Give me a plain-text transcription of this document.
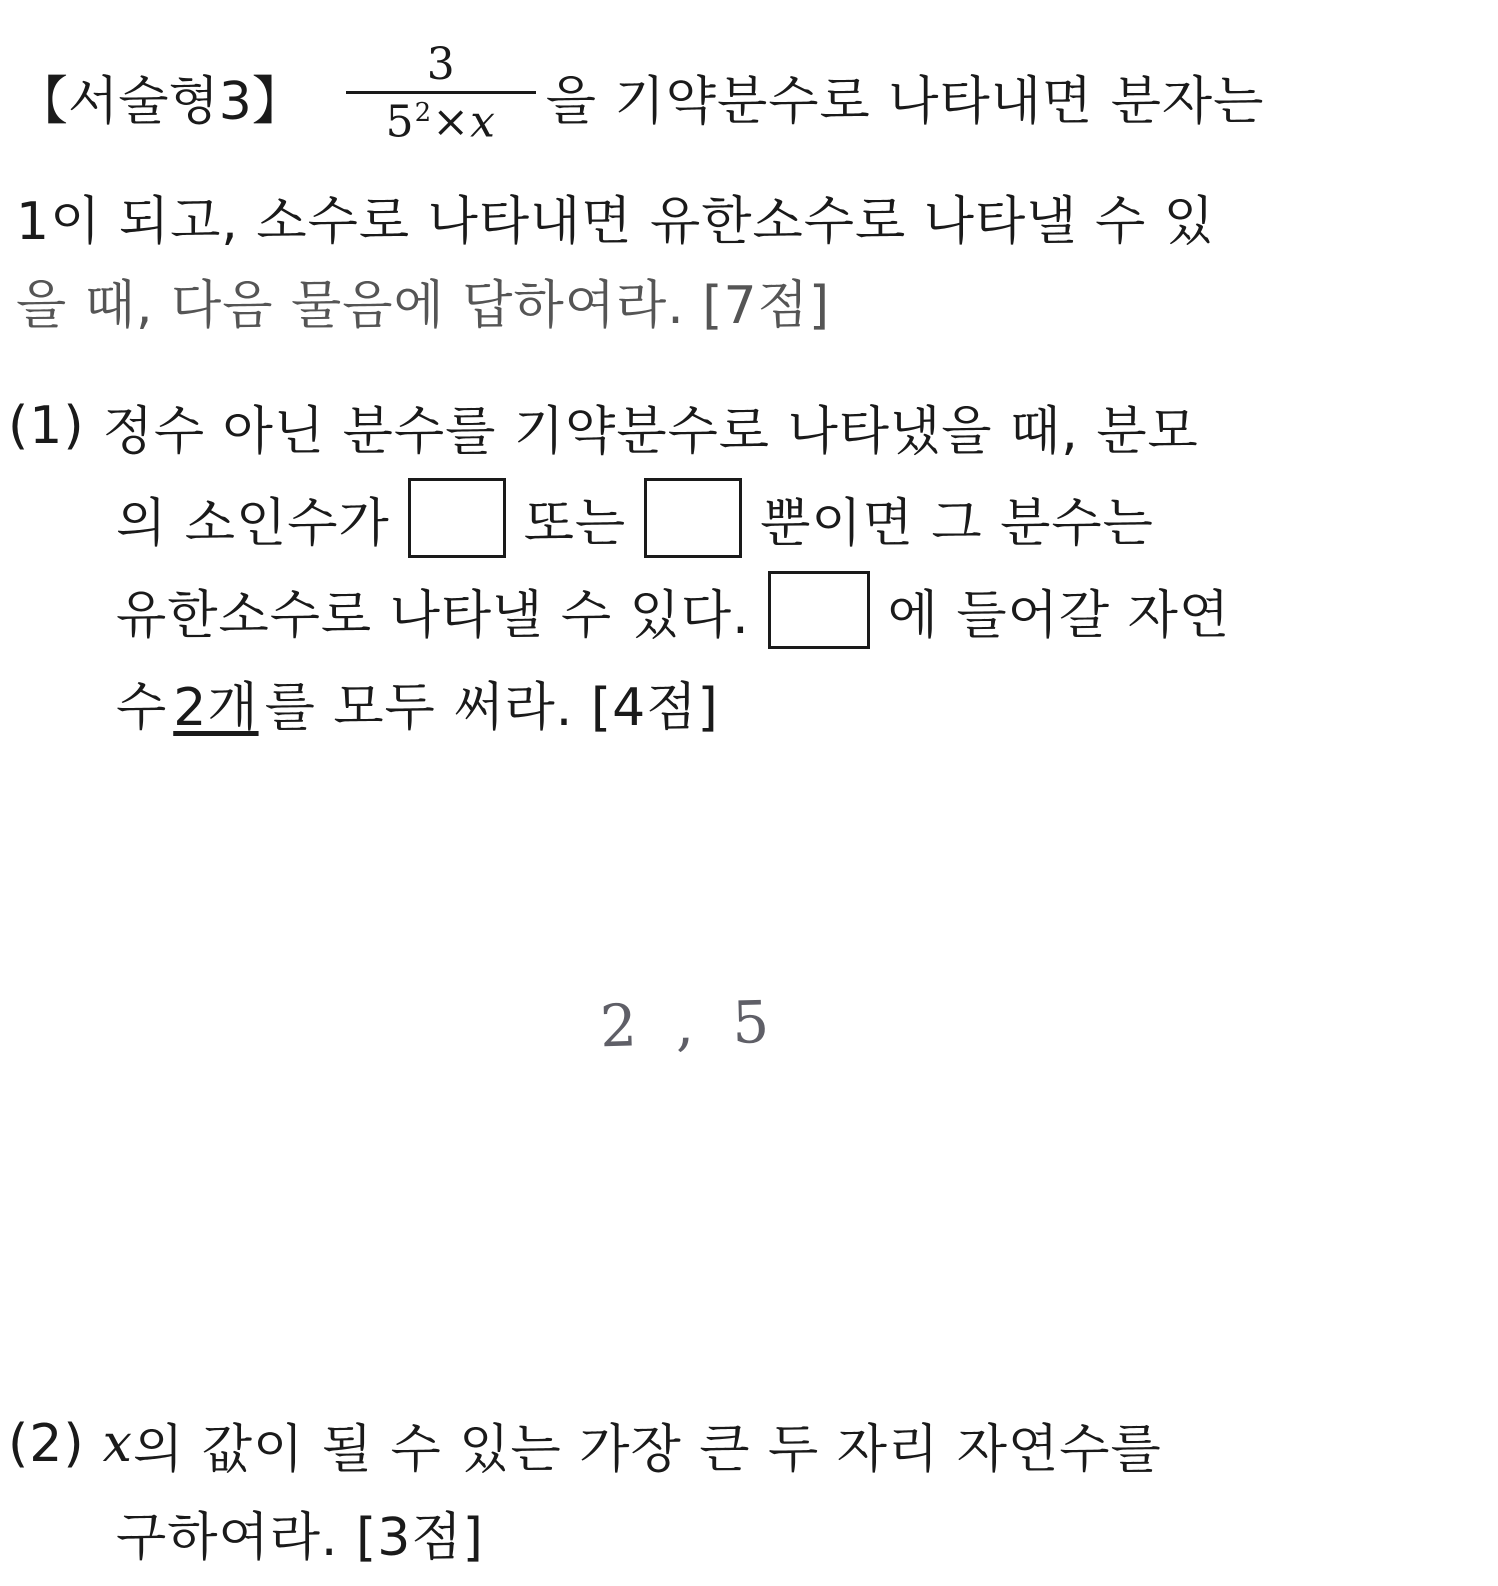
【서술형3】 $\frac{3}{5^2\times x}$ 을 기약분수로 나타내면 분자는
1이 되고, 소수로 나타내면 유한소수로 나타낼 수 있
을 때, 다음 물음에 답하여라. [7점]
(1) 정수 아닌 분수를 기약분수로 나타냈을 때, 분모
의 소인수가	또는	뿐이면 그 분수는
유한소수로 나타낼 수 있다.	에 들어갈 자연
수 2개 를 모두 써라. [4점]
2 , 5
(2) x 의 값이 될 수 있는 가장 큰 두 자리 자연수를
구하여라. [3점]
